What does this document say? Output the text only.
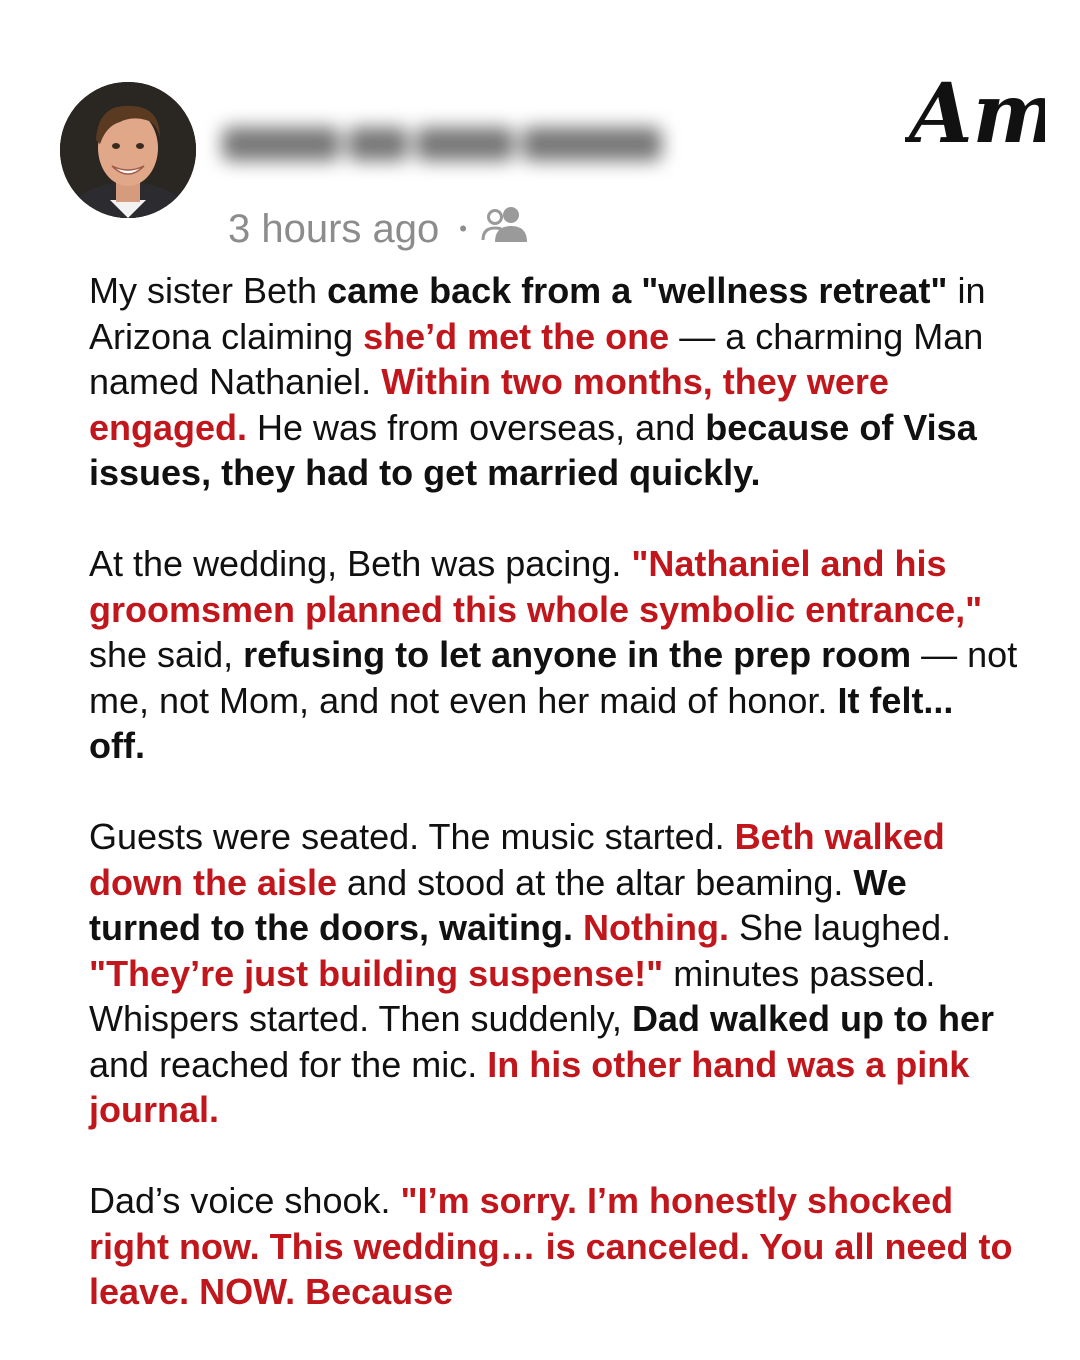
3 hours ago •
Am

My sister Beth came back from a "wellness retreat" in Arizona claiming she’d met the one — a charming Man named Nathaniel. Within two months, they were engaged. He was from overseas, and because of Visa issues, they had to get married quickly.

At the wedding, Beth was pacing. "Nathaniel and his groomsmen planned this whole symbolic entrance," she said, refusing to let anyone in the prep room — not me, not Mom, and not even her maid of honor. It felt... off.

Guests were seated. The music started. Beth walked down the aisle and stood at the altar beaming. We turned to the doors, waiting. Nothing. She laughed. "They’re just building suspense!" minutes passed. Whispers started. Then suddenly, Dad walked up to her and reached for the mic. In his other hand was a pink journal.

Dad’s voice shook. "I’m sorry. I’m honestly shocked right now. This wedding… is canceled. You all need to leave. NOW. Because
